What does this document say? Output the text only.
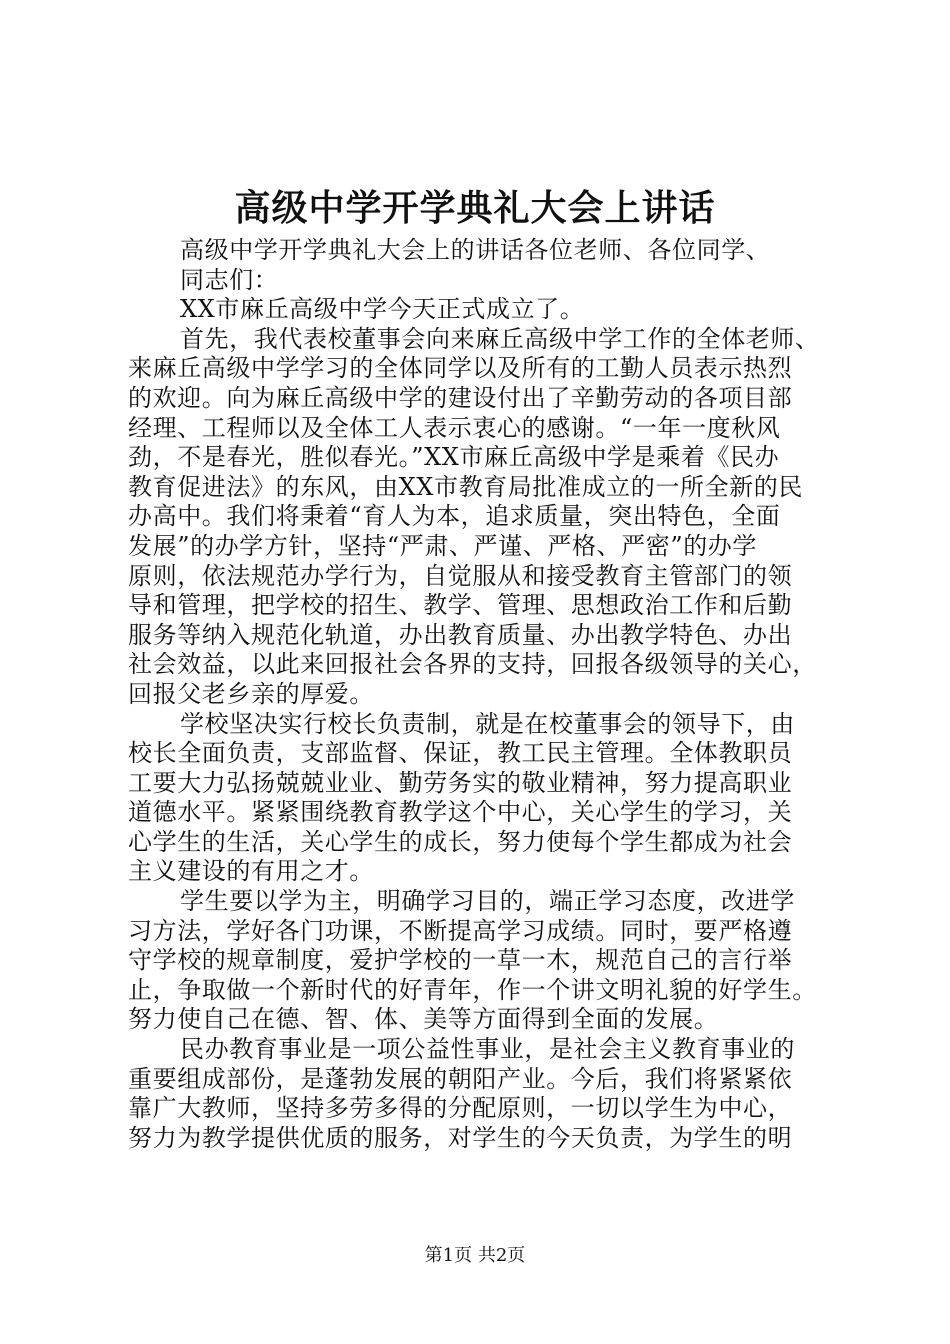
高级中学开学典礼大会上讲话
高级中学开学典礼大会上的讲话各位老师、各位同学、
同志们：
XX市麻丘高级中学今天正式成立了。
首先，我代表校董事会向来麻丘高级中学工作的全体老师、
来麻丘高级中学学习的全体同学以及所有的工勤人员表示热烈
的欢迎。向为麻丘高级中学的建设付出了辛勤劳动的各项目部
经理、工程师以及全体工人表示衷心的感谢。“一年一度秋风
劲，不是春光，胜似春光。”XX市麻丘高级中学是乘着《民办
教育促进法》的东风，由XX市教育局批准成立的一所全新的民
办高中。我们将秉着“育人为本，追求质量，突出特色，全面
发展”的办学方针，坚持“严肃、严谨、严格、严密”的办学
原则，依法规范办学行为，自觉服从和接受教育主管部门的领
导和管理，把学校的招生、教学、管理、思想政治工作和后勤
服务等纳入规范化轨道，办出教育质量、办出教学特色、办出
社会效益，以此来回报社会各界的支持，回报各级领导的关心，
回报父老乡亲的厚爱。
学校坚决实行校长负责制，就是在校董事会的领导下，由
校长全面负责，支部监督、保证，教工民主管理。全体教职员
工要大力弘扬兢兢业业、勤劳务实的敬业精神，努力提高职业
道德水平。紧紧围绕教育教学这个中心，关心学生的学习，关
心学生的生活，关心学生的成长，努力使每个学生都成为社会
主义建设的有用之才。
学生要以学为主，明确学习目的，端正学习态度，改进学
习方法，学好各门功课，不断提高学习成绩。同时，要严格遵
守学校的规章制度，爱护学校的一草一木，规范自己的言行举
止，争取做一个新时代的好青年，作一个讲文明礼貌的好学生。
努力使自己在德、智、体、美等方面得到全面的发展。
民办教育事业是一项公益性事业，是社会主义教育事业的
重要组成部份，是蓬勃发展的朝阳产业。今后，我们将紧紧依
靠广大教师，坚持多劳多得的分配原则，一切以学生为中心，
努力为教学提供优质的服务，对学生的今天负责，为学生的明
第1页 共2页
